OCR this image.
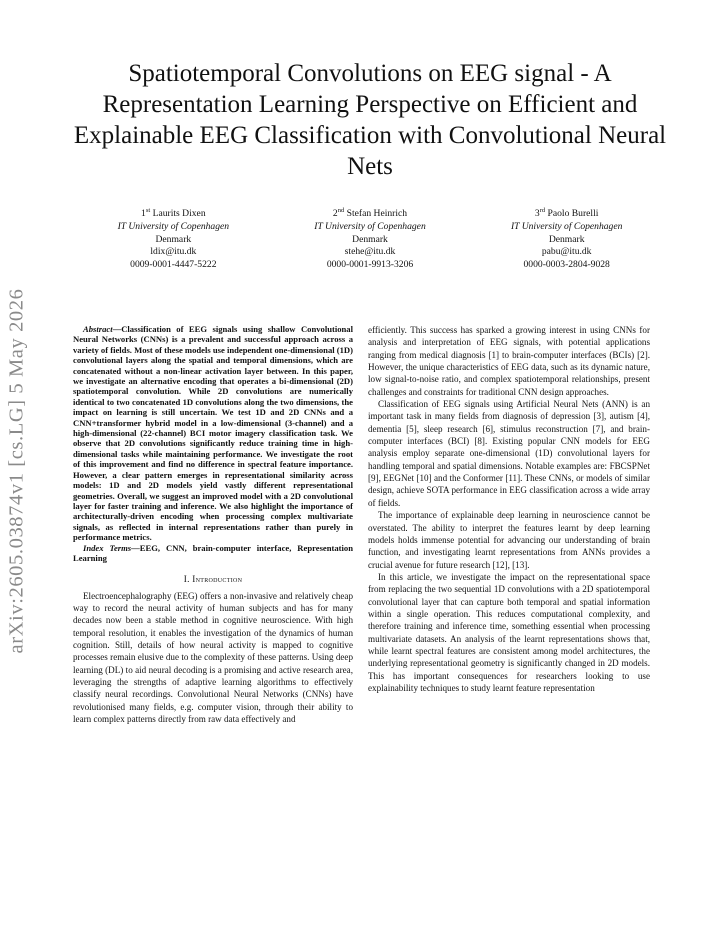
arXiv:2605.03874v1 [cs.LG] 5 May 2026
Spatiotemporal Convolutions on EEG signal - A Representation Learning Perspective on Efficient and Explainable EEG Classification with Convolutional Neural Nets
1st Laurits Dixen
IT University of Copenhagen
Denmark
ldix@itu.dk
0009-0001-4447-5222
2nd Stefan Heinrich
IT University of Copenhagen
Denmark
stehe@itu.dk
0000-0001-9913-3206
3rd Paolo Burelli
IT University of Copenhagen
Denmark
pabu@itu.dk
0000-0003-2804-9028

Abstract—Classification of EEG signals using shallow Convolutional Neural Networks (CNNs) is a prevalent and successful approach across a variety of fields. Most of these models use independent one-dimensional (1D) convolutional layers along the spatial and temporal dimensions, which are concatenated without a non-linear activation layer between. In this paper, we investigate an alternative encoding that operates a bi-dimensional (2D) spatiotemporal convolution. While 2D convolutions are numerically identical to two concatenated 1D convolutions along the two dimensions, the impact on learning is still uncertain. We test 1D and 2D CNNs and a CNN+transformer hybrid model in a low-dimensional (3-channel) and a high-dimensional (22-channel) BCI motor imagery classification task. We observe that 2D convolutions significantly reduce training time in high-dimensional tasks while maintaining performance. We investigate the root of this improvement and find no difference in spectral feature importance. However, a clear pattern emerges in representational similarity across models: 1D and 2D models yield vastly different representational geometries. Overall, we suggest an improved model with a 2D convolutional layer for faster training and inference. We also highlight the importance of architecturally-driven encoding when processing complex multivariate signals, as reflected in internal representations rather than purely in performance metrics.

Index Terms—EEG, CNN, brain-computer interface, Representation Learning

I. Introduction

Electroencephalography (EEG) offers a non-invasive and relatively cheap way to record the neural activity of human subjects and has for many decades now been a stable method in cognitive neuroscience. With high temporal resolution, it enables the investigation of the dynamics of human cognition. Still, details of how neural activity is mapped to cognitive processes remain elusive due to the complexity of these patterns. Using deep learning (DL) to aid neural decoding is a promising and active research area, leveraging the strengths of adaptive learning algorithms to effectively classify neural recordings. Convolutional Neural Networks (CNNs) have revolutionised many fields, e.g. computer vision, through their ability to learn complex patterns directly from raw data effectively and

efficiently. This success has sparked a growing interest in using CNNs for analysis and interpretation of EEG signals, with potential applications ranging from medical diagnosis [1] to brain-computer interfaces (BCIs) [2]. However, the unique characteristics of EEG data, such as its dynamic nature, low signal-to-noise ratio, and complex spatiotemporal relationships, present challenges and constraints for traditional CNN design approaches.

Classification of EEG signals using Artificial Neural Nets (ANN) is an important task in many fields from diagnosis of depression [3], autism [4], dementia [5], sleep research [6], stimulus reconstruction [7], and brain-computer interfaces (BCI) [8]. Existing popular CNN models for EEG analysis employ separate one-dimensional (1D) convolutional layers for handling temporal and spatial dimensions. Notable examples are: FBCSPNet [9], EEGNet [10] and the Conformer [11]. These CNNs, or models of similar design, achieve SOTA performance in EEG classification across a wide array of fields.

The importance of explainable deep learning in neuroscience cannot be overstated. The ability to interpret the features learnt by deep learning models holds immense potential for advancing our understanding of brain function, and investigating learnt representations from ANNs provides a crucial avenue for future research [12], [13].

In this article, we investigate the impact on the representational space from replacing the two sequential 1D convolutions with a 2D spatiotemporal convolutional layer that can capture both temporal and spatial information within a single operation. This reduces computational complexity, and therefore training and inference time, something essential when processing multivariate datasets. An analysis of the learnt representations shows that, while learnt spectral features are consistent among model architectures, the underlying representational geometry is significantly changed in 2D models. This has important consequences for researchers looking to use explainability techniques to study learnt feature representation
